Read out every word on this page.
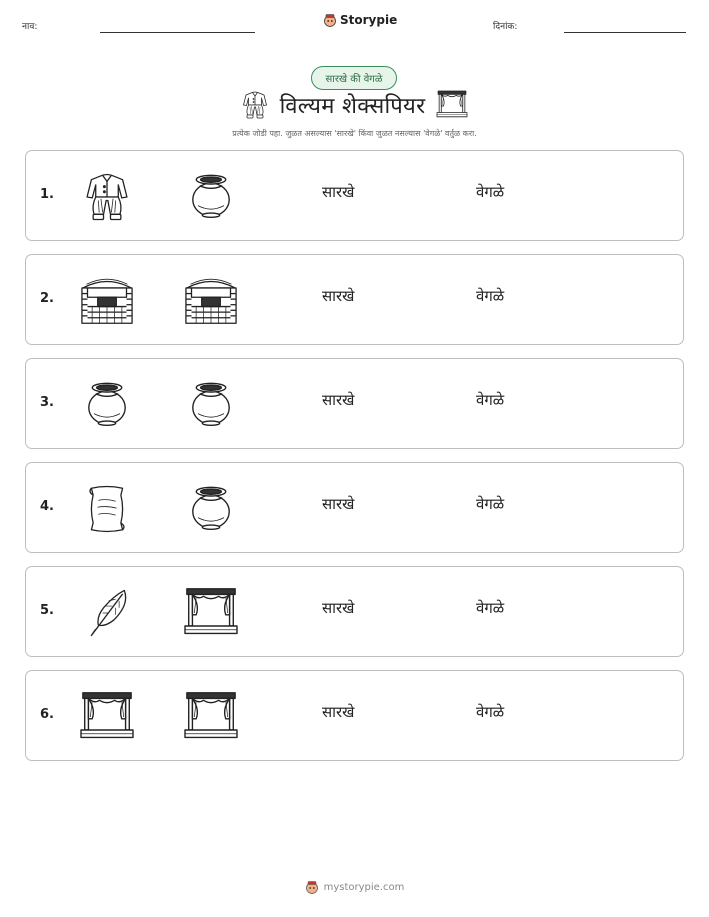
नाव:	Storypie	दिनांक:
सारखे की वेगळे
विल्यम शेक्सपियर
प्रत्येक जोडी पहा. जुळत असल्यास 'सारखे' किंवा जुळत नसल्यास 'वेगळे' वर्तुळ करा.
1.	सारखे	वेगळे
2.	सारखे	वेगळे
3.	सारखे	वेगळे
4.	सारखे	वेगळे
5.	सारखे	वेगळे
6.	सारखे	वेगळे
mystorypie.com
